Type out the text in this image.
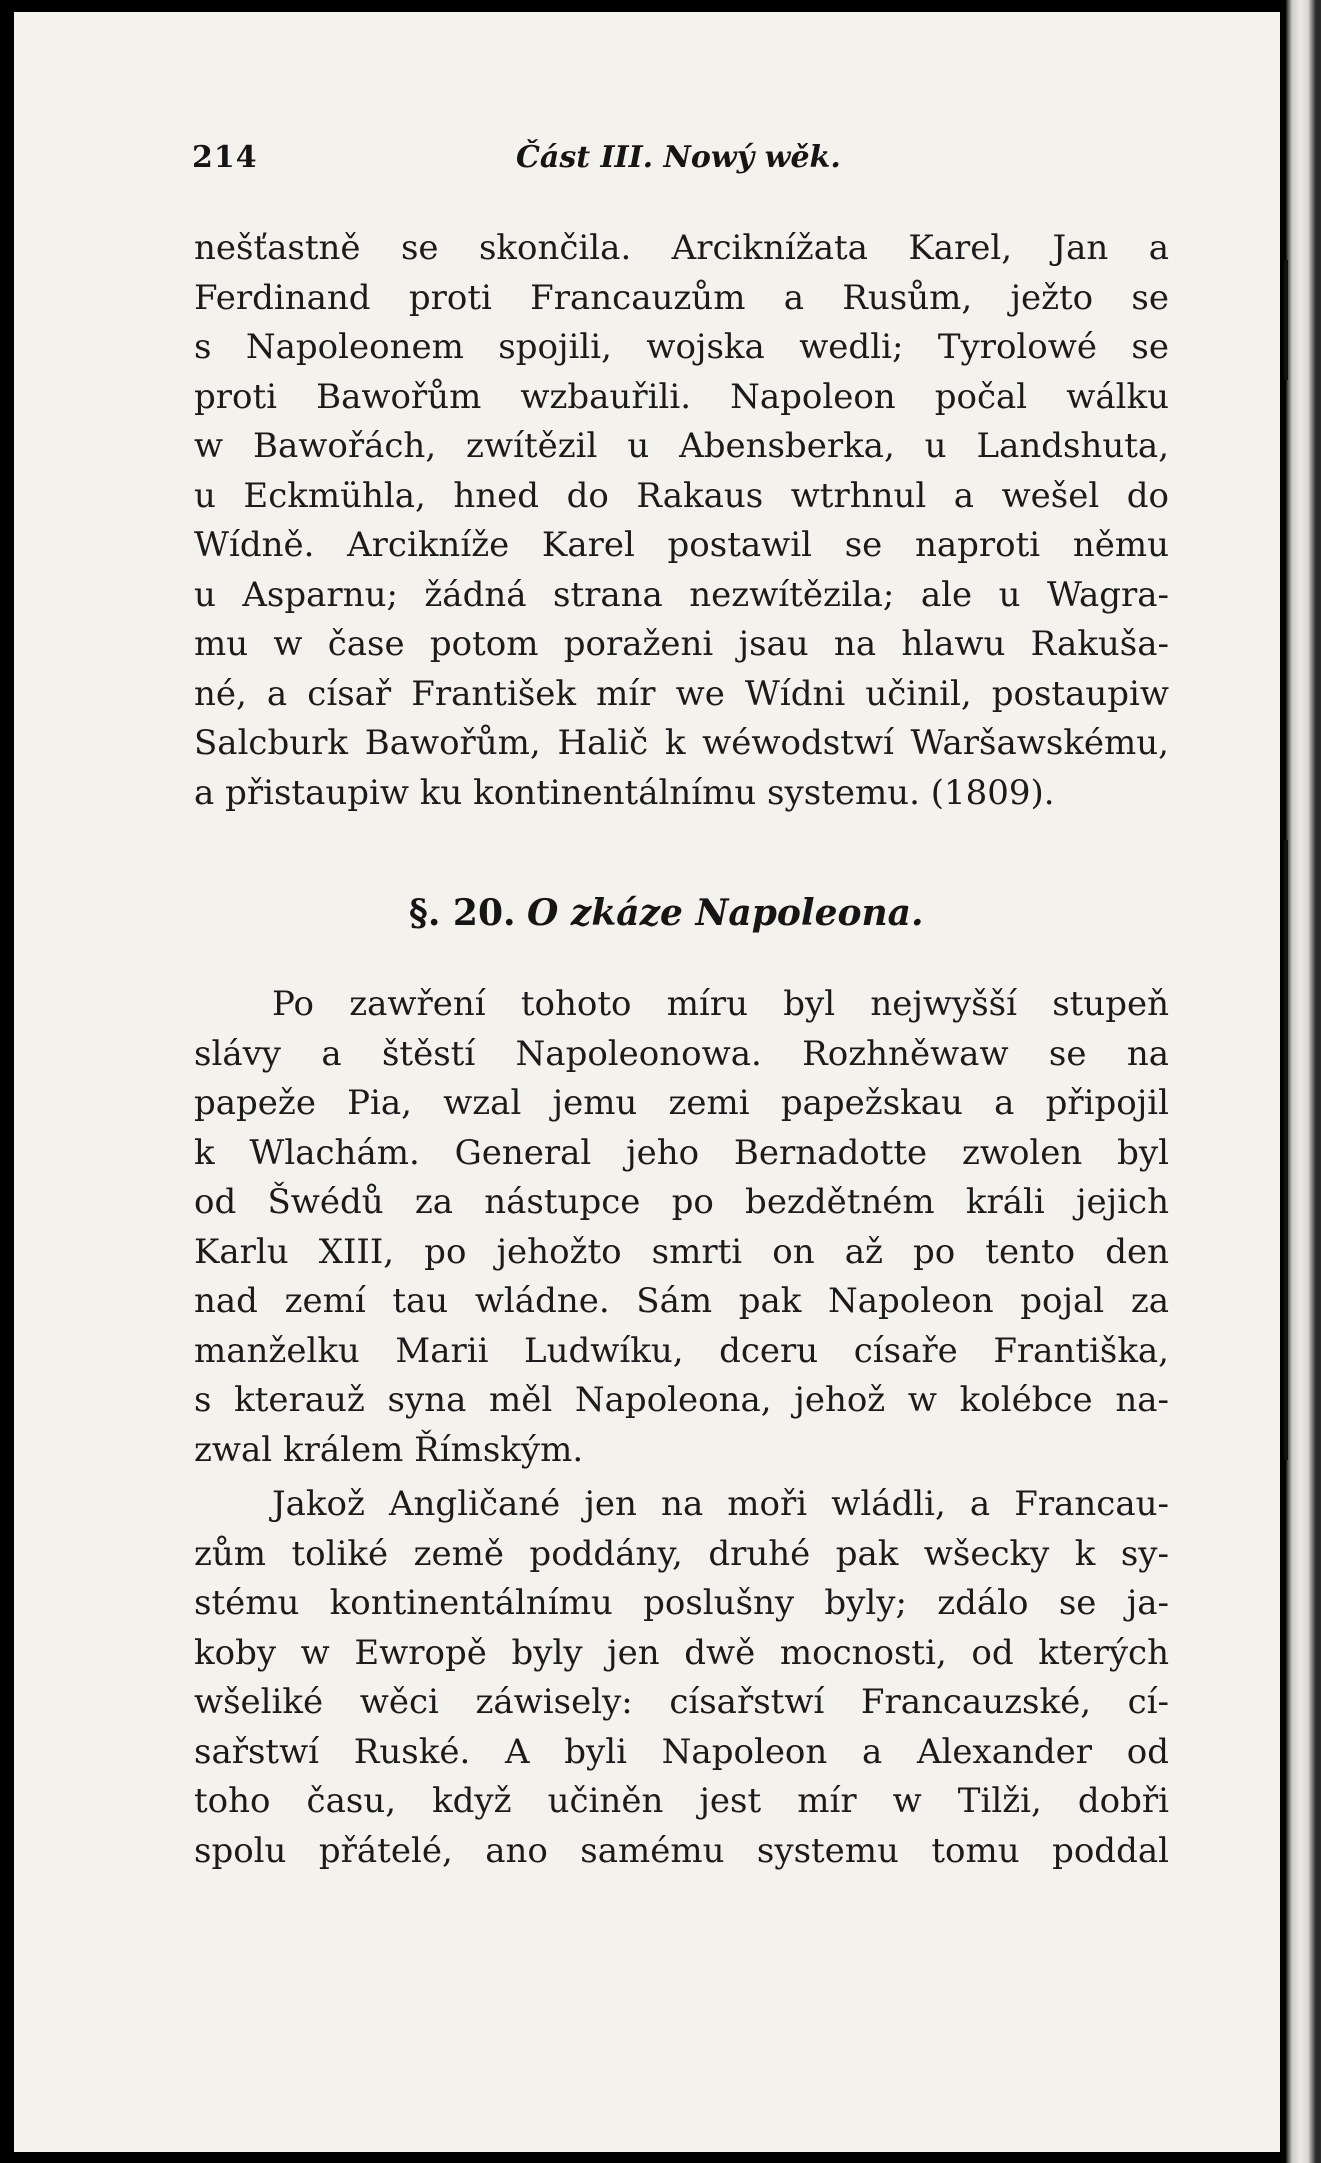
214	Část III. Nowý wěk.
nešťastně se skončila. Arciknížata Karel, Jan a
Ferdinand proti Francauzům a Rusům, ježto se
s Napoleonem spojili, wojska wedli; Tyrolowé se
proti Bawořům wzbauřili. Napoleon počal wálku
w Bawořách, zwítězil u Abensberka, u Landshuta,
u Eckmühla, hned do Rakaus wtrhnul a wešel do
Wídně. Arcikníže Karel postawil se naproti němu
u Asparnu; žádná strana nezwítězila; ale u Wagra-
mu w čase potom poraženi jsau na hlawu Rakuša-
né, a císař František mír we Wídni učinil, postaupiw
Salcburk Bawořům, Halič k wéwodstwí Waršawskému,
a přistaupiw ku kontinentálnímu systemu. (1809).
§. 20. O zkáze Napoleona.
Po zawření tohoto míru byl nejwyšší stupeň
slávy a štěstí Napoleonowa. Rozhněwaw se na
papeže Pia, wzal jemu zemi papežskau a připojil
k Wlachám. General jeho Bernadotte zwolen byl
od Šwédů za nástupce po bezdětném králi jejich
Karlu XIII, po jehožto smrti on až po tento den
nad zemí tau wládne. Sám pak Napoleon pojal za
manželku Marii Ludwíku, dceru císaře Františka,
s kterauž syna měl Napoleona, jehož w kolébce na-
zwal králem Římským.
Jakož Angličané jen na moři wládli, a Francau-
zům toliké země poddány, druhé pak wšecky k sy-
stému kontinentálnímu poslušny byly; zdálo se ja-
koby w Ewropě byly jen dwě mocnosti, od kterých
wšeliké wěci záwisely: císařstwí Francauzské, cí-
sařstwí Ruské. A byli Napoleon a Alexander od
toho času, když učiněn jest mír w Tilži, dobři
spolu přátelé, ano samému systemu tomu poddal
